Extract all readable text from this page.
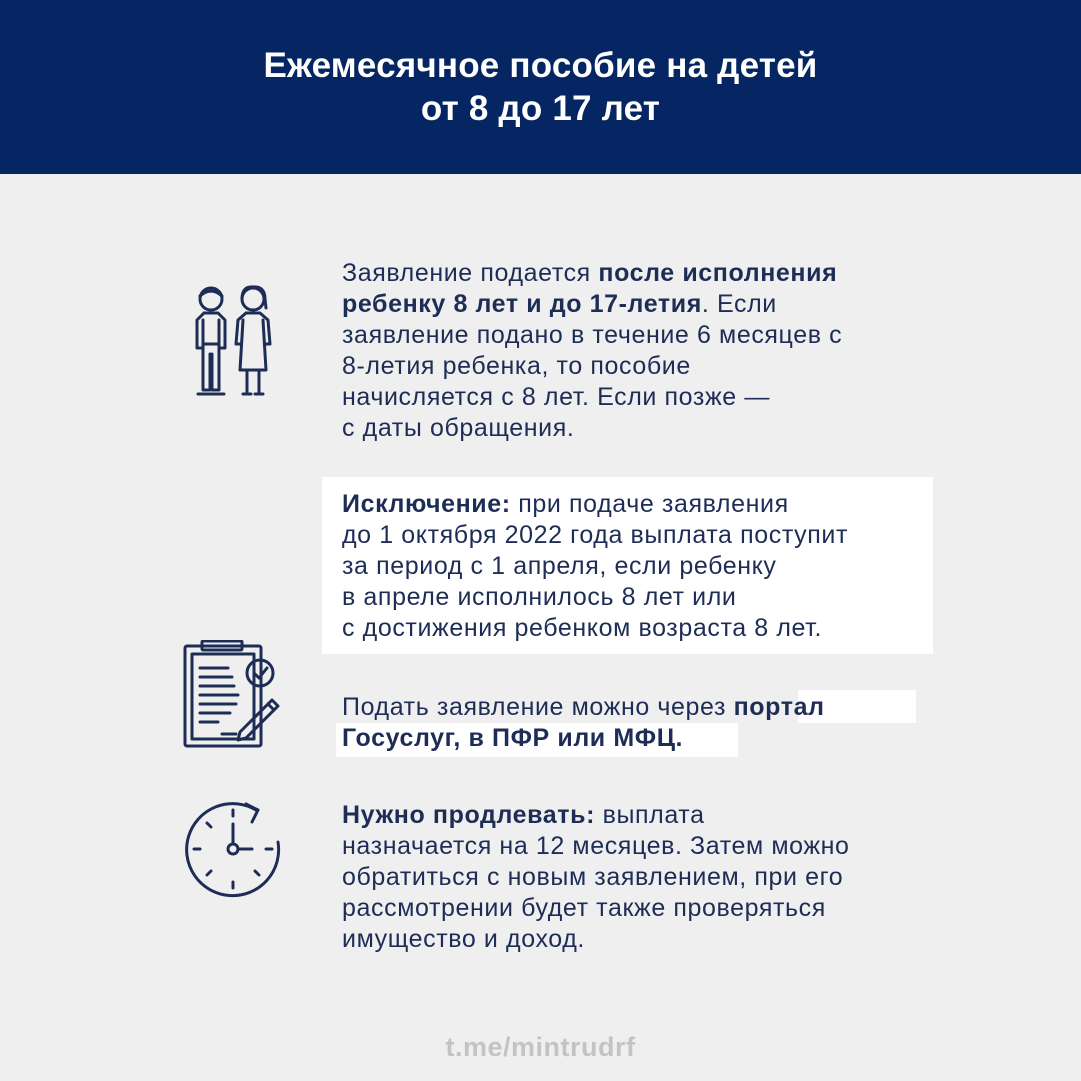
Ежемесячное пособие на детей
от 8 до 17 лет
Заявление подается после исполнения
ребенку 8 лет и до 17-летия. Если
заявление подано в течение 6 месяцев с
8-летия ребенка, то пособие
начисляется с 8 лет. Если позже —
с даты обращения.
Исключение: при подаче заявления
до 1 октября 2022 года выплата поступит
за период с 1 апреля, если ребенку
в апреле исполнилось 8 лет или
с достижения ребенком возраста 8 лет.
Подать заявление можно через портал
Госуслуг, в ПФР или МФЦ.
Нужно продлевать: выплата
назначается на 12 месяцев. Затем можно
обратиться с новым заявлением, при его
рассмотрении будет также проверяться
имущество и доход.
t.me/mintrudrf
